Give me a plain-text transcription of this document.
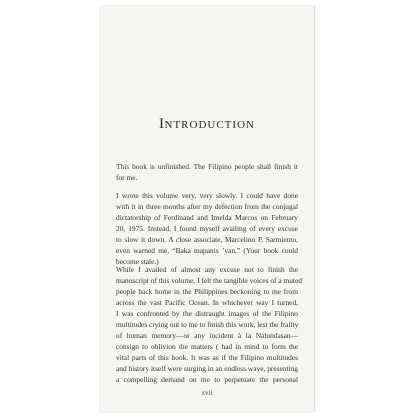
INTRODUCTION

This book is unfinished. The Filipino people shall finish it
for me.

I wrote this volume very, very slowly. I could have done
with it in three months after my defection from the conjugal
dictatorship of Ferdinand and Imelda Marcos on February
20, 1975. Instead, I found myself availing of every excuse
to slow it down. A close associate, Marcelino P. Sarmiento,
even warned me, “Baka mapanis ’yan.” (Your book could
become stale.)

While I availed of almost any excuse not to finish the
manuscript of this volume, I felt the tangible voices of a muted
people back home in the Philippines beckoning to me from
across the vast Pacific Ocean. In whichever way I turned,
I was confronted by the distraught images of the Filipino
multitudes crying out to me to finish this work, lest the frailty
of human memory—or any incident à la Nalundasan—
consign to oblivion the matters ( had in mind to form the
vital parts of this book. It was as if the Filipino multitudes
and history itself were surging in an endless wave, presenting
a compelling demand on me to perpetuate the personal

xvii
